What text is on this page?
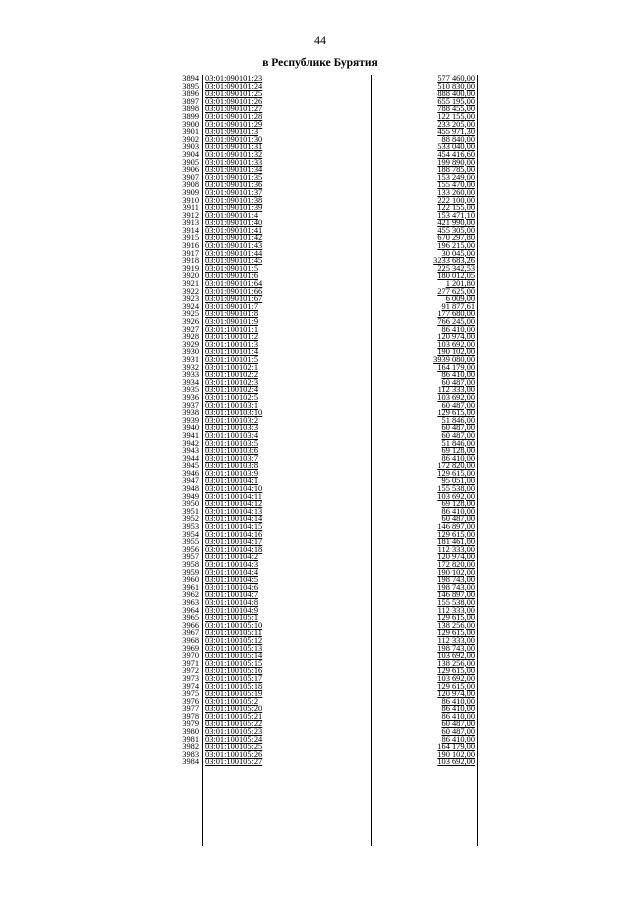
44
в Республике Бурятия
3894 03:01:090101:23	577 460,00
3895 03:01:090101:24	510 830,00
3896 03:01:090101:25	888 400,00
3897 03:01:090101:26	655 195,00
3898 03:01:090101:27	788 455,00
3899 03:01:090101:28	122 155,00
3900 03:01:090101:29	233 205,00
3901 03:01:090101:3	455 971,30
3902 03:01:090101:30	88 840,00
3903 03:01:090101:31	533 040,00
3904 03:01:090101:32	454 416,60
3905 03:01:090101:33	199 890,00
3906 03:01:090101:34	188 785,00
3907 03:01:090101:35	153 249,00
3908 03:01:090101:36	155 470,00
3909 03:01:090101:37	133 260,00
3910 03:01:090101:38	222 100,00
3911 03:01:090101:39	122 155,00
3912 03:01:090101:4	153 471,10
3913 03:01:090101:40	421 990,00
3914 03:01:090101:41	455 305,00
3915 03:01:090101:42	670 297,80
3916 03:01:090101:43	196 215,00
3917 03:01:090101:44	30 045,00
3918 03:01:090101:45	3233 683,26
3919 03:01:090101:5	225 342,53
3920 03:01:090101:6	180 012,05
3921 03:01:090101:64	1 201,80
3922 03:01:090101:66	277 625,00
3923 03:01:090101:67	6 009,00
3924 03:01:090101:7	91 877,61
3925 03:01:090101:8	177 680,00
3926 03:01:090101:9	766 245,00
3927 03:01:100101:1	86 410,00
3928 03:01:100101:2	120 974,00
3929 03:01:100101:3	103 692,00
3930 03:01:100101:4	190 102,00
3931 03:01:100101:5	3939 080,00
3932 03:01:100102:1	164 179,00
3933 03:01:100102:2	86 410,00
3934 03:01:100102:3	60 487,00
3935 03:01:100102:4	112 333,00
3936 03:01:100102:5	103 692,00
3937 03:01:100103:1	60 487,00
3938 03:01:100103:10	129 615,00
3939 03:01:100103:2	51 846,00
3940 03:01:100103:3	60 487,00
3941 03:01:100103:4	60 487,00
3942 03:01:100103:5	51 846,00
3943 03:01:100103:6	69 128,00
3944 03:01:100103:7	86 410,00
3945 03:01:100103:8	172 820,00
3946 03:01:100103:9	129 615,00
3947 03:01:100104:1	95 051,00
3948 03:01:100104:10	155 538,00
3949 03:01:100104:11	103 692,00
3950 03:01:100104:12	69 128,00
3951 03:01:100104:13	86 410,00
3952 03:01:100104:14	60 487,00
3953 03:01:100104:15	146 897,00
3954 03:01:100104:16	129 615,00
3955 03:01:100104:17	181 461,00
3956 03:01:100104:18	112 333,00
3957 03:01:100104:2	120 974,00
3958 03:01:100104:3	172 820,00
3959 03:01:100104:4	190 102,00
3960 03:01:100104:5	198 743,00
3961 03:01:100104:6	198 743,00
3962 03:01:100104:7	146 897,00
3963 03:01:100104:8	155 538,00
3964 03:01:100104:9	112 333,00
3965 03:01:100105:1	129 615,00
3966 03:01:100105:10	138 256,00
3967 03:01:100105:11	129 615,00
3968 03:01:100105:12	112 333,00
3969 03:01:100105:13	198 743,00
3970 03:01:100105:14	103 692,00
3971 03:01:100105:15	138 256,00
3972 03:01:100105:16	129 615,00
3973 03:01:100105:17	103 692,00
3974 03:01:100105:18	129 615,00
3975 03:01:100105:19	120 974,00
3976 03:01:100105:2	86 410,00
3977 03:01:100105:20	86 410,00
3978 03:01:100105:21	86 410,00
3979 03:01:100105:22	60 487,00
3980 03:01:100105:23	60 487,00
3981 03:01:100105:24	86 410,00
3982 03:01:100105:25	164 179,00
3983 03:01:100105:26	190 102,00
3984 03:01:100105:27	103 692,00
